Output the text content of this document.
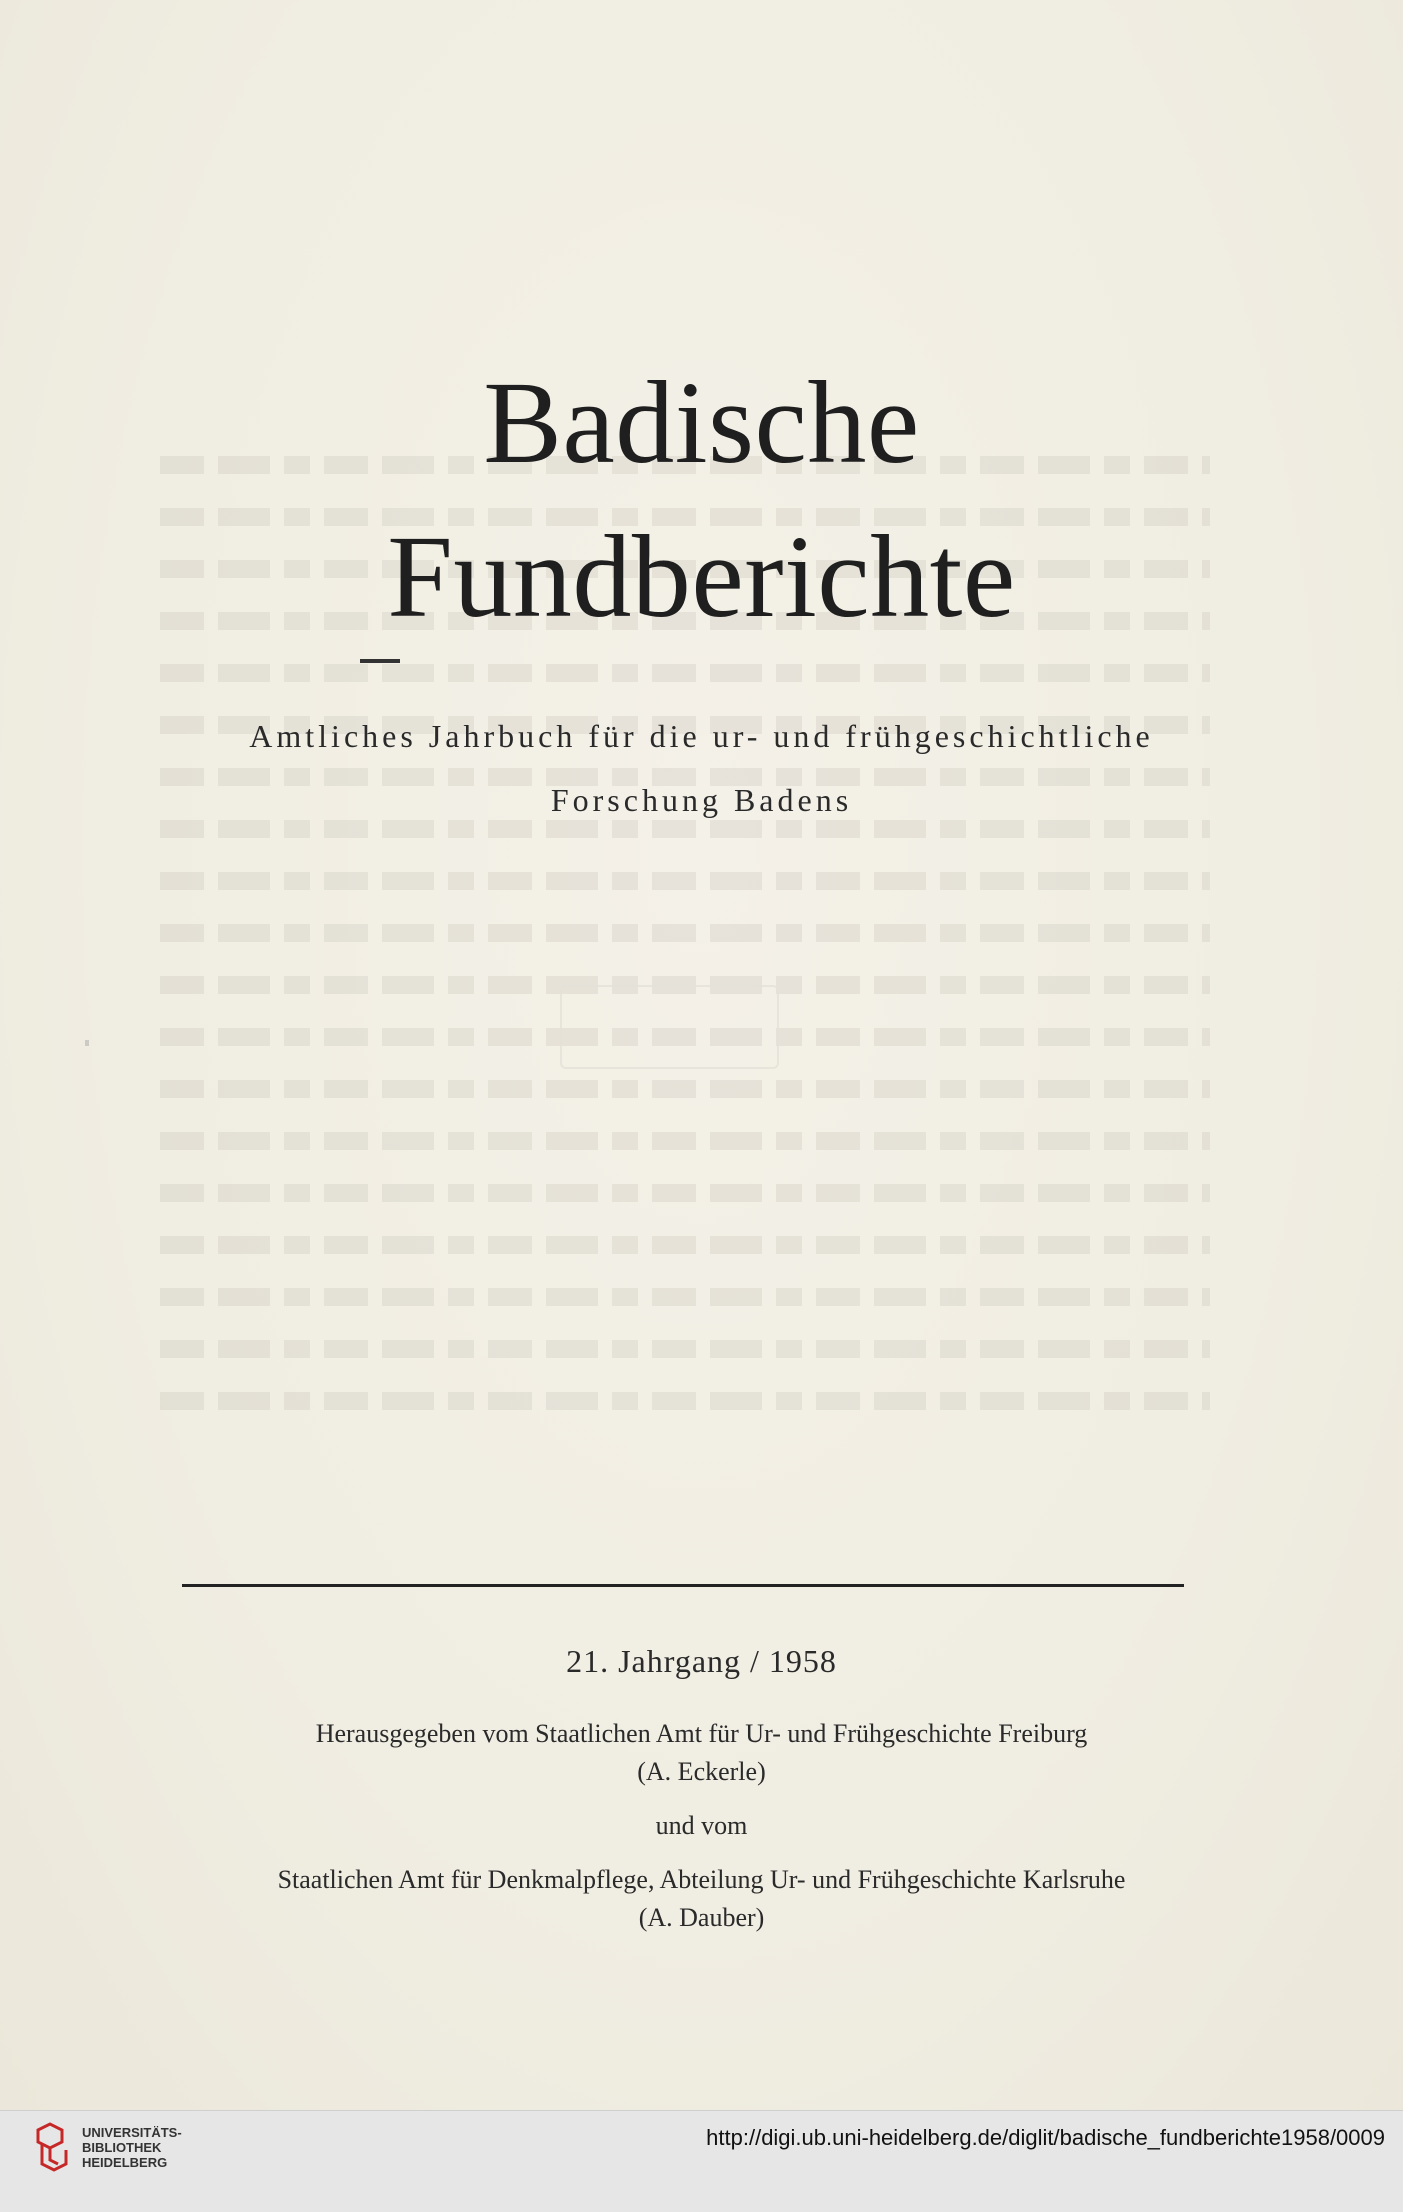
Badische
Fundberichte
Amtliches Jahrbuch für die ur- und frühgeschichtliche
Forschung Badens
21. Jahrgang / 1958
Herausgegeben vom Staatlichen Amt für Ur- und Frühgeschichte Freiburg
(A. Eckerle)
und vom
Staatlichen Amt für Denkmalpflege, Abteilung Ur- und Frühgeschichte Karlsruhe
(A. Dauber)
UNIVERSITÄTS-
BIBLIOTHEK
HEIDELBERG
http://digi.ub.uni-heidelberg.de/diglit/badische_fundberichte1958/0009
